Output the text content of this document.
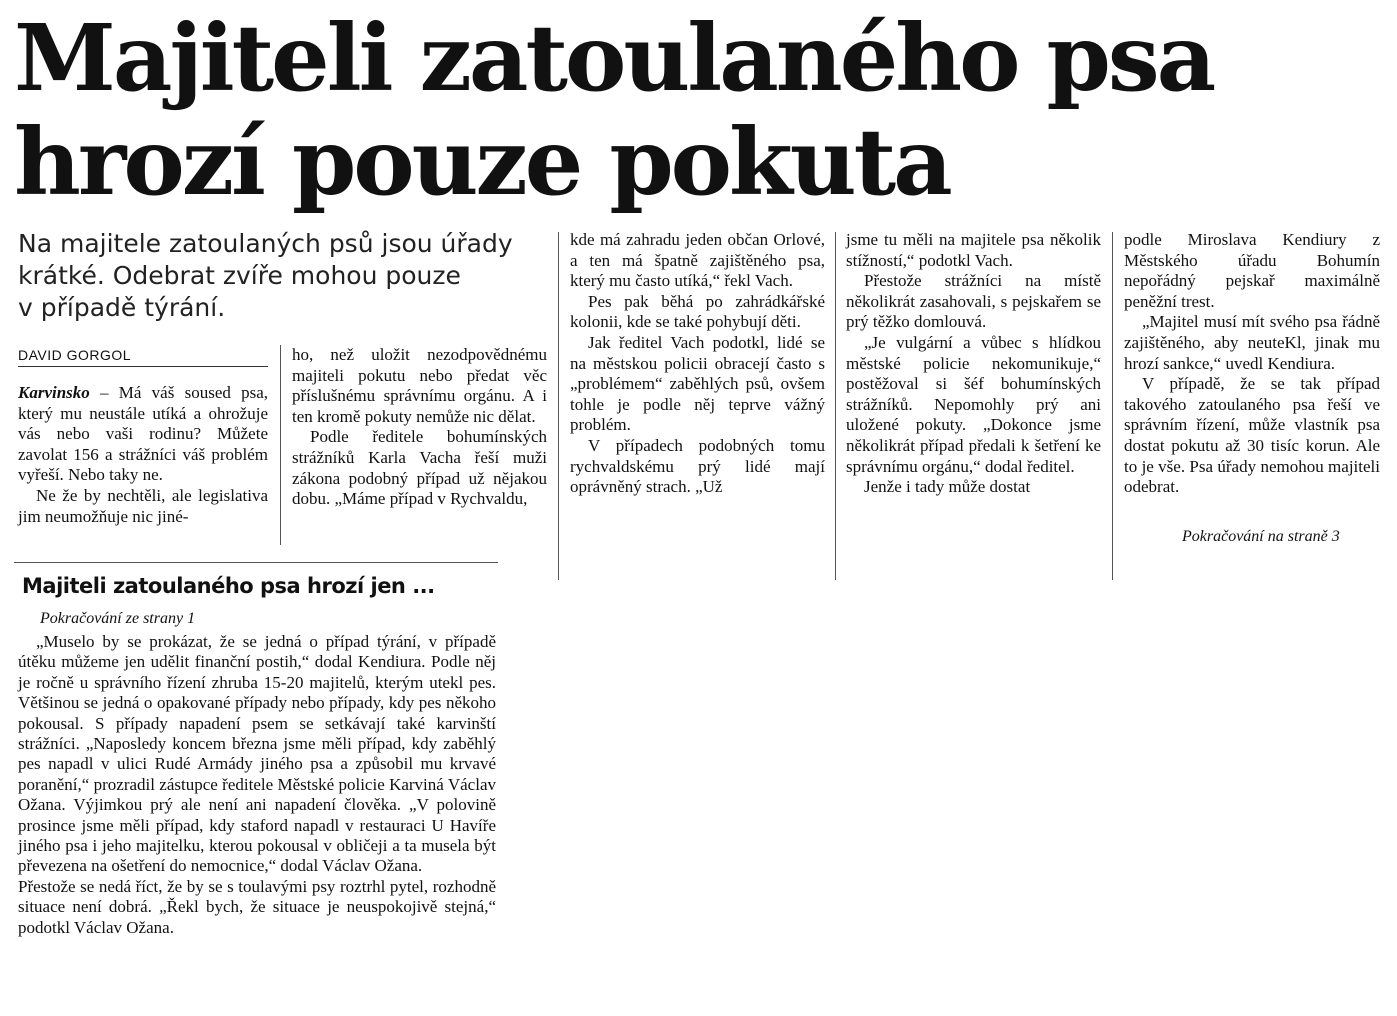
Majiteli zatoulaného psa
hrozí pouze pokuta
Na majitele zatoulaných psů jsou úřady
krátké. Odebrat zvíře mohou pouze
v případě týrání.
DAVID GORGOL

Karvinsko – Má váš soused psa, který mu neustále utíká a ohrožuje vás nebo vaši rodinu? Můžete zavolat 156 a strážníci váš problém vyřeší. Nebo taky ne.

Ne že by nechtěli, ale legislativa jim neumožňuje nic jiné-

ho, než uložit nezodpovědnému majiteli pokutu nebo předat věc příslušnému správnímu orgánu. A i ten kromě pokuty nemůže nic dělat.

Podle ředitele bohumínských strážníků Karla Vacha řeší muži zákona podobný případ už nějakou dobu. „Máme případ v Rychvaldu,

kde má zahradu jeden občan Orlové, a ten má špatně zajištěného psa, který mu často utíká,“ řekl Vach.

Pes pak běhá po zahrádkářské kolonii, kde se také pohybují děti.

Jak ředitel Vach podotkl, lidé se na městskou policii obracejí často s „problémem“ zaběhlých psů, ovšem tohle je podle něj teprve vážný problém.

V případech podobných tomu rychvaldskému prý lidé mají oprávněný strach. „Už

jsme tu měli na majitele psa několik stížností,“ podotkl Vach.

Přestože strážníci na místě několikrát zasahovali, s pejskařem se prý těžko domlouvá.

„Je vulgární a vůbec s hlídkou městské policie nekomunikuje,“ postěžoval si šéf bohumínských strážníků. Nepomohly prý ani uložené pokuty. „Dokonce jsme několikrát případ předali k šetření ke správnímu orgánu,“ dodal ředitel.

Jenže i tady může dostat

podle Miroslava Kendiury z Městského úřadu Bohumín nepořádný pejskař maximálně peněžní trest.

„Majitel musí mít svého psa řádně zajištěného, aby neuteKl, jinak mu hrozí sankce,“ uvedl Kendiura.

V případě, že se tak případ takového zatoulaného psa řeší ve správním řízení, může vlastník psa dostat pokutu až 30 tisíc korun. Ale to je vše. Psa úřady nemohou majiteli odebrat.

Pokračování na straně 3
Majiteli zatoulaného psa hrozí jen ...
Pokračování ze strany 1

„Muselo by se prokázat, že se jedná o případ týrání, v případě útěku můžeme jen udělit finanční postih,“ dodal Kendiura. Podle něj je ročně u správního řízení zhruba 15-20 majitelů, kterým utekl pes. Většinou se jedná o opakované případy nebo případy, kdy pes někoho pokousal. S případy napadení psem se setkávají také karvinští strážníci. „Naposledy koncem března jsme měli případ, kdy zaběhlý pes napadl v ulici Rudé Armády jiného psa a způsobil mu krvavé poranění,“ prozradil zástupce ředitele Městské policie Karviná Václav Ožana. Výjimkou prý ale není ani napadení člověka. „V polovině prosince jsme měli případ, kdy staford napadl v restauraci U Havíře jiného psa i jeho majitelku, kterou pokousal v obličeji a ta musela být převezena na ošetření do nemocnice,“ dodal Václav Ožana.

Přestože se nedá říct, že by se s toulavými psy roztrhl pytel, rozhodně situace není dobrá. „Řekl bych, že situace je neuspokojivě stejná,“ podotkl Václav Ožana.
